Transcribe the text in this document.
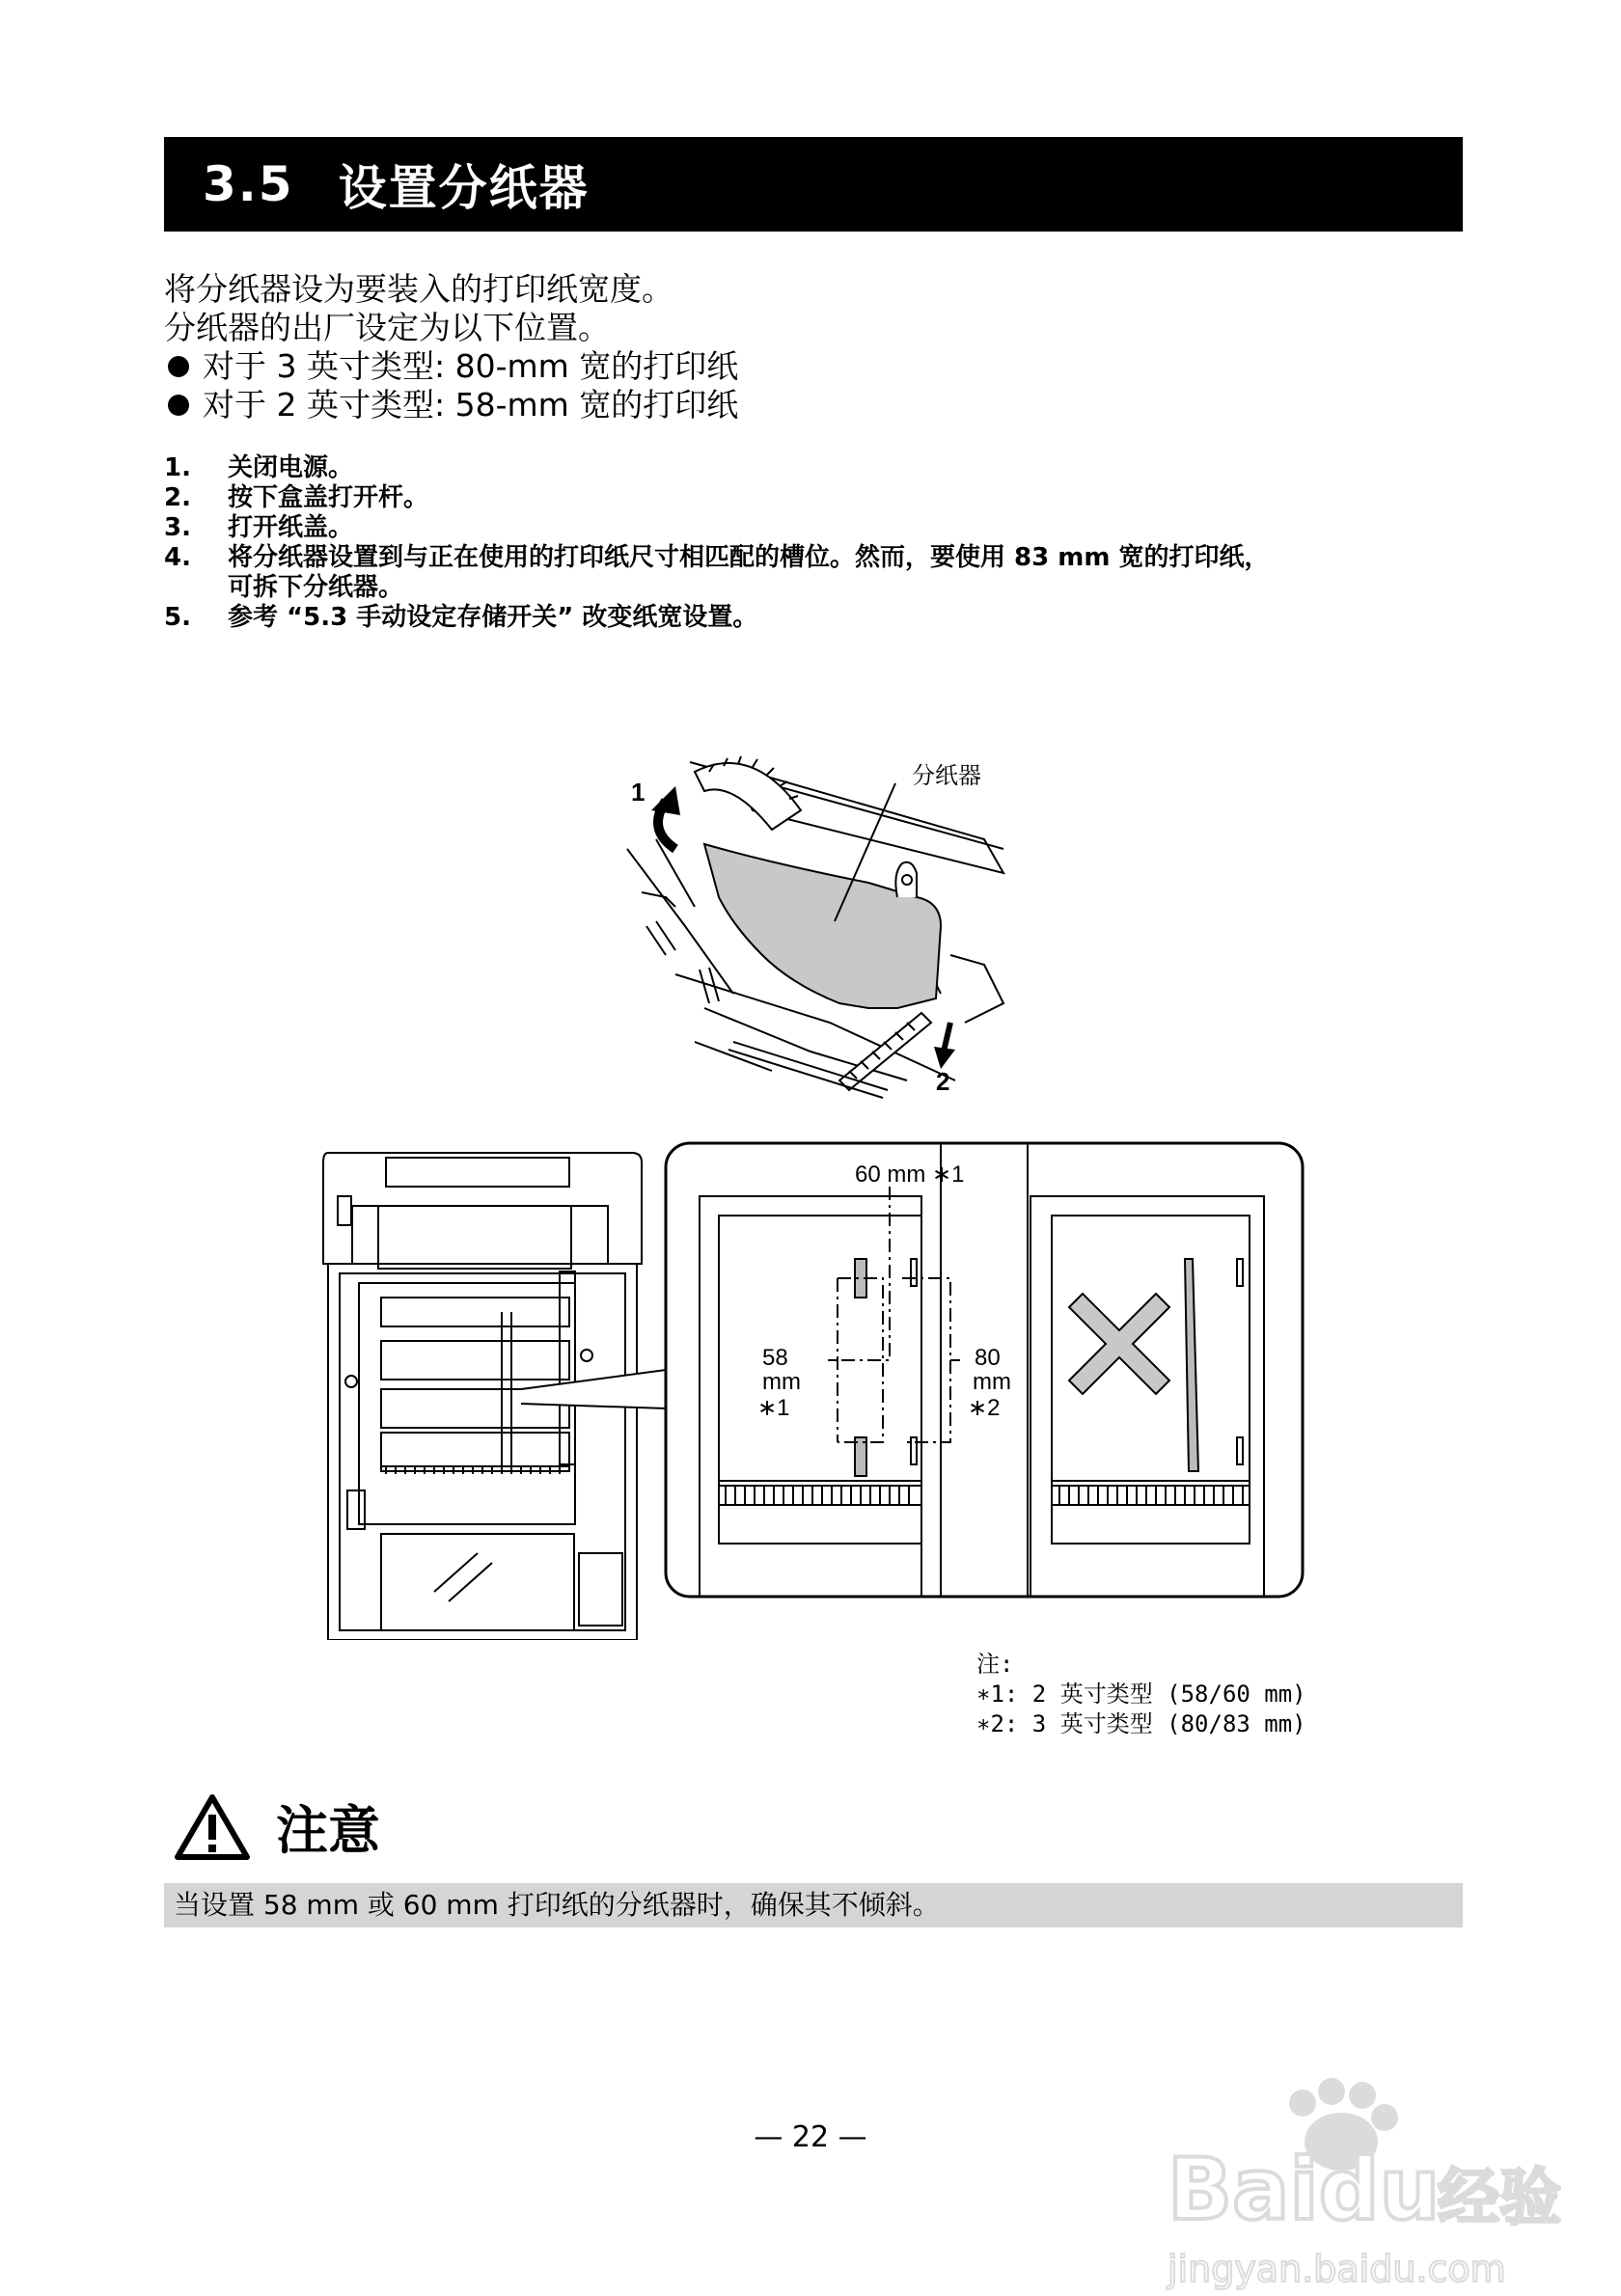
3.5 设置分纸器
将分纸器设为要装入的打印纸宽度。
分纸器的出厂设定为以下位置。
对于 3 英寸类型: 80-mm 宽的打印纸
对于 2 英寸类型: 58-mm 宽的打印纸
1.	关闭电源。
2.	按下盒盖打开杆。
3.	打开纸盖。
4.	将分纸器设置到与正在使用的打印纸尺寸相匹配的槽位。然而，要使用 83 mm 宽的打印纸，
可拆下分纸器。
5.	参考 “5.3 手动设定存储开关” 改变纸宽设置。
分纸器
1
2
60 mm ∗1
58
mm
∗1
80
mm
∗2
注:
∗1: 2 英寸类型 (58/60 mm)
∗2: 3 英寸类型 (80/83 mm)
注意
当设置 58 mm 或 60 mm 打印纸的分纸器时，确保其不倾斜。
— 22 —
Baidu
经验
jingyan.baidu.com
